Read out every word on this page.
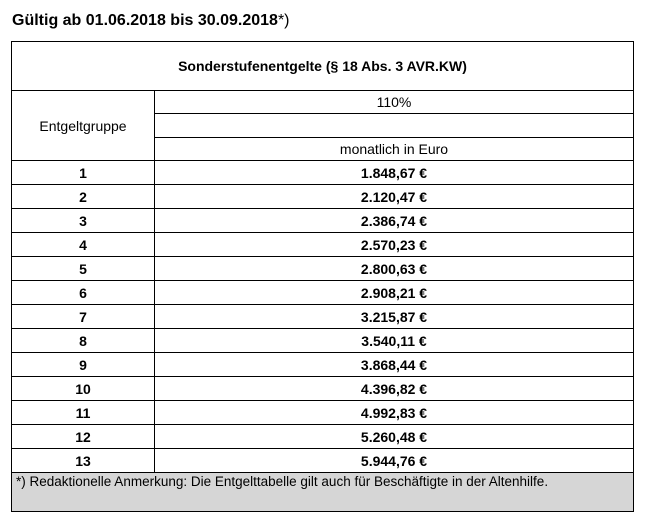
Gültig ab 01.06.2018 bis 30.09.2018*)
Sonderstufenentgelte (§ 18 Abs. 3 AVR.KW)	
Entgeltgruppe	110%

	monatlich in Euro
1	1.848,67 €
2	2.120,47 €
3	2.386,74 €
4	2.570,23 €
5	2.800,63 €
6	2.908,21 €
7	3.215,87 €
8	3.540,11 €
9	3.868,44 €
10	4.396,82 €
11	4.992,83 €
12	5.260,48 €
13	5.944,76 €
*) Redaktionelle Anmerkung: Die Entgelttabelle gilt auch für Beschäftigte in der Altenhilfe.	
